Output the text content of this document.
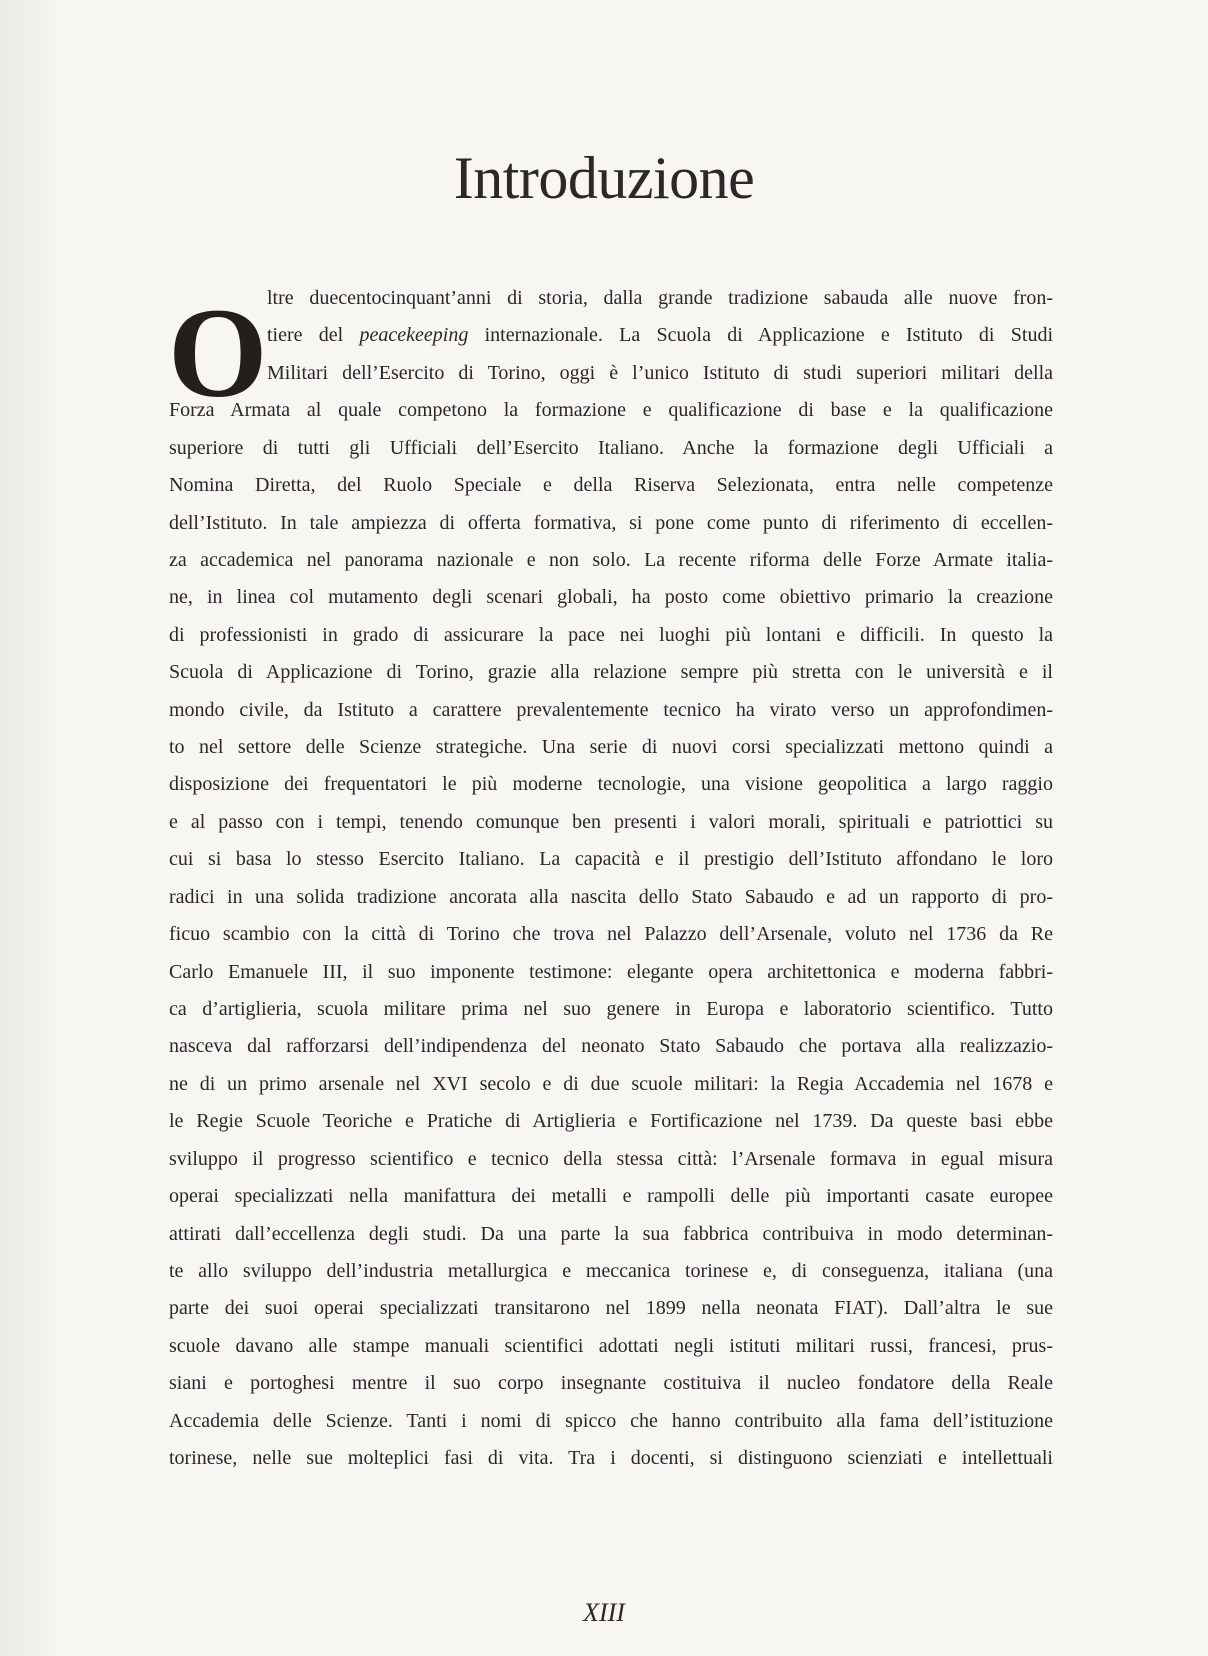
Introduzione
O ltre duecentocinquant’anni di storia, dalla grande tradizione sabauda alle nuove fron-
tiere del peacekeeping internazionale. La Scuola di Applicazione e Istituto di Studi
Militari dell’Esercito di Torino, oggi è l’unico Istituto di studi superiori militari della
Forza Armata al quale competono la formazione e qualificazione di base e la qualificazione
superiore di tutti gli Ufficiali dell’Esercito Italiano. Anche la formazione degli Ufficiali a
Nomina Diretta, del Ruolo Speciale e della Riserva Selezionata, entra nelle competenze
dell’Istituto. In tale ampiezza di offerta formativa, si pone come punto di riferimento di eccellen-
za accademica nel panorama nazionale e non solo. La recente riforma delle Forze Armate italia-
ne, in linea col mutamento degli scenari globali, ha posto come obiettivo primario la creazione
di professionisti in grado di assicurare la pace nei luoghi più lontani e difficili. In questo la
Scuola di Applicazione di Torino, grazie alla relazione sempre più stretta con le università e il
mondo civile, da Istituto a carattere prevalentemente tecnico ha virato verso un approfondimen-
to nel settore delle Scienze strategiche. Una serie di nuovi corsi specializzati mettono quindi a
disposizione dei frequentatori le più moderne tecnologie, una visione geopolitica a largo raggio
e al passo con i tempi, tenendo comunque ben presenti i valori morali, spirituali e patriottici su
cui si basa lo stesso Esercito Italiano. La capacità e il prestigio dell’Istituto affondano le loro
radici in una solida tradizione ancorata alla nascita dello Stato Sabaudo e ad un rapporto di pro-
ficuo scambio con la città di Torino che trova nel Palazzo dell’Arsenale, voluto nel 1736 da Re
Carlo Emanuele III, il suo imponente testimone: elegante opera architettonica e moderna fabbri-
ca d’artiglieria, scuola militare prima nel suo genere in Europa e laboratorio scientifico. Tutto
nasceva dal rafforzarsi dell’indipendenza del neonato Stato Sabaudo che portava alla realizzazio-
ne di un primo arsenale nel XVI secolo e di due scuole militari: la Regia Accademia nel 1678 e
le Regie Scuole Teoriche e Pratiche di Artiglieria e Fortificazione nel 1739. Da queste basi ebbe
sviluppo il progresso scientifico e tecnico della stessa città: l’Arsenale formava in egual misura
operai specializzati nella manifattura dei metalli e rampolli delle più importanti casate europee
attirati dall’eccellenza degli studi. Da una parte la sua fabbrica contribuiva in modo determinan-
te allo sviluppo dell’industria metallurgica e meccanica torinese e, di conseguenza, italiana (una
parte dei suoi operai specializzati transitarono nel 1899 nella neonata FIAT). Dall’altra le sue
scuole davano alle stampe manuali scientifici adottati negli istituti militari russi, francesi, prus-
siani e portoghesi mentre il suo corpo insegnante costituiva il nucleo fondatore della Reale
Accademia delle Scienze. Tanti i nomi di spicco che hanno contribuito alla fama dell’istituzione
torinese, nelle sue molteplici fasi di vita. Tra i docenti, si distinguono scienziati e intellettuali
XIII
